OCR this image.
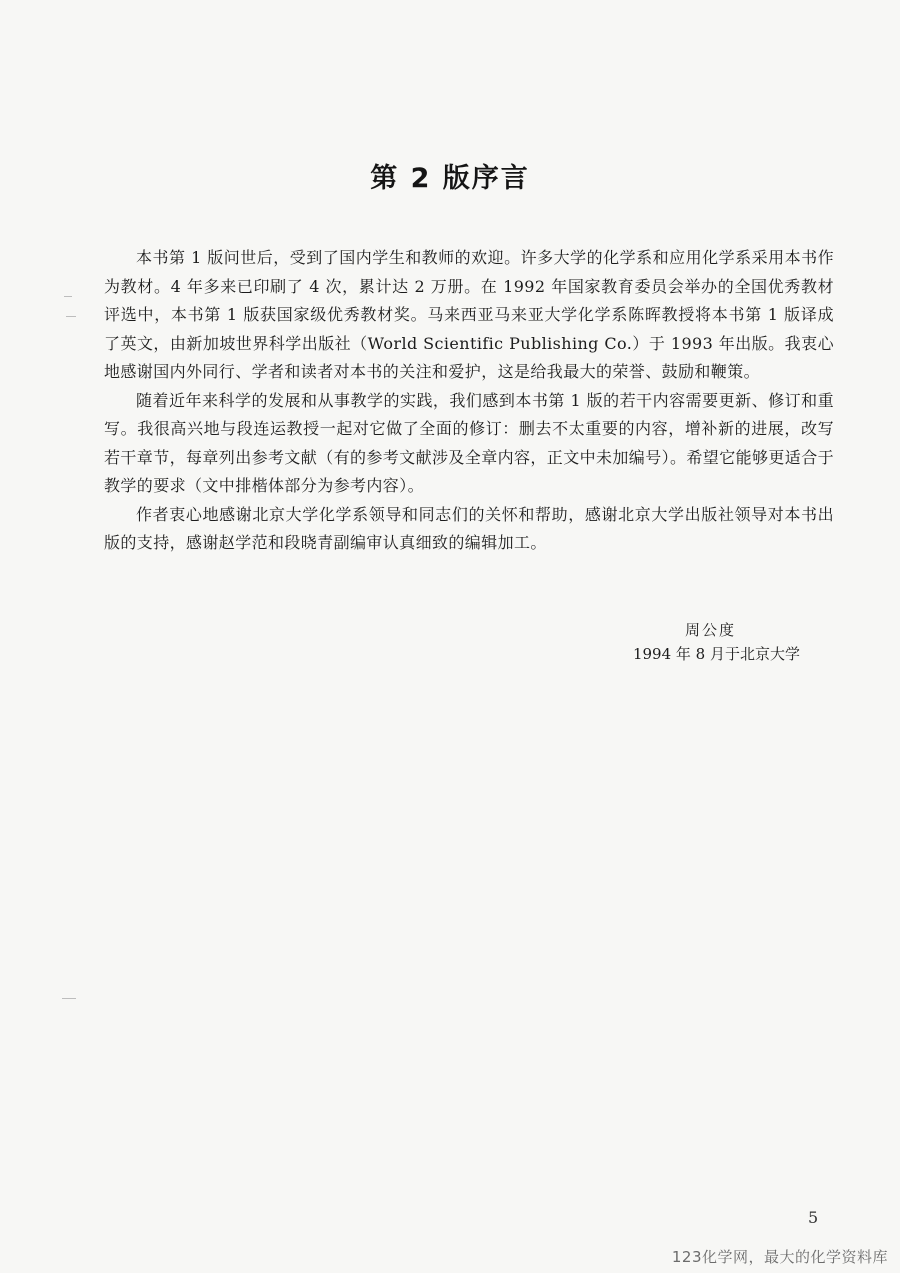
第 2 版序言

本书第 1 版问世后，受到了国内学生和教师的欢迎。许多大学的化学系和应用化学系采用本书作为教材。4 年多来已印刷了 4 次，累计达 2 万册。在 1992 年国家教育委员会举办的全国优秀教材评选中，本书第 1 版获国家级优秀教材奖。马来西亚马来亚大学化学系陈晖教授将本书第 1 版译成了英文，由新加坡世界科学出版社（World Scientific Publishing Co.）于 1993 年出版。我衷心地感谢国内外同行、学者和读者对本书的关注和爱护，这是给我最大的荣誉、鼓励和鞭策。

随着近年来科学的发展和从事教学的实践，我们感到本书第 1 版的若干内容需要更新、修订和重写。我很高兴地与段连运教授一起对它做了全面的修订：删去不太重要的内容，增补新的进展，改写若干章节，每章列出参考文献（有的参考文献涉及全章内容，正文中未加编号）。希望它能够更适合于教学的要求（文中排楷体部分为参考内容）。

作者衷心地感谢北京大学化学系领导和同志们的关怀和帮助，感谢北京大学出版社领导对本书出版的支持，感谢赵学范和段晓青副编审认真细致的编辑加工。

周公度
1994 年 8 月于北京大学
5
123化学网，最大的化学资料库
